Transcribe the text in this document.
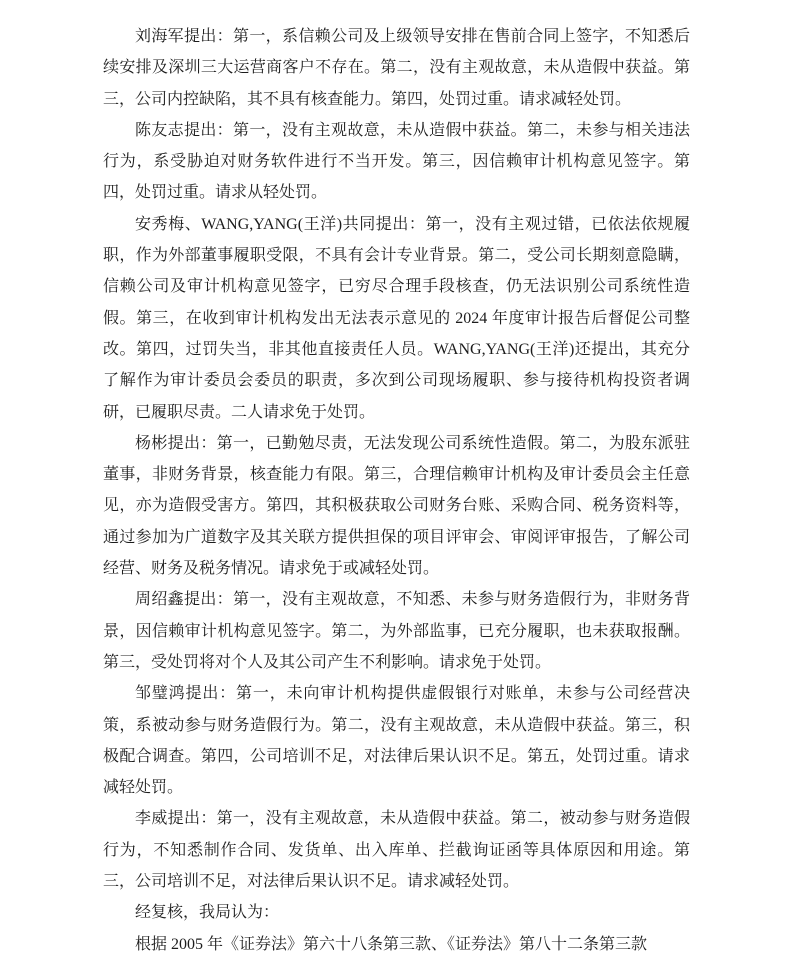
刘海军提出：第一，系信赖公司及上级领导安排在售前合同上签字，不知悉后续安排及深圳三大运营商客户不存在。第二，没有主观故意，未从造假中获益。第三，公司内控缺陷，其不具有核查能力。第四，处罚过重。请求减轻处罚。

陈友志提出：第一，没有主观故意，未从造假中获益。第二，未参与相关违法行为，系受胁迫对财务软件进行不当开发。第三，因信赖审计机构意见签字。第四，处罚过重。请求从轻处罚。

安秀梅、WANG,YANG(王洋)共同提出：第一，没有主观过错，已依法依规履职，作为外部董事履职受限，不具有会计专业背景。第二，受公司长期刻意隐瞒，信赖公司及审计机构意见签字，已穷尽合理手段核查，仍无法识别公司系统性造假。第三，在收到审计机构发出无法表示意见的 2024 年度审计报告后督促公司整改。第四，过罚失当，非其他直接责任人员。WANG,YANG(王洋)还提出，其充分了解作为审计委员会委员的职责，多次到公司现场履职、参与接待机构投资者调研，已履职尽责。二人请求免于处罚。

杨彬提出：第一，已勤勉尽责，无法发现公司系统性造假。第二，为股东派驻董事，非财务背景，核查能力有限。第三，合理信赖审计机构及审计委员会主任意见，亦为造假受害方。第四，其积极获取公司财务台账、采购合同、税务资料等，通过参加为广道数字及其关联方提供担保的项目评审会、审阅评审报告，了解公司经营、财务及税务情况。请求免于或减轻处罚。

周绍鑫提出：第一，没有主观故意，不知悉、未参与财务造假行为，非财务背景，因信赖审计机构意见签字。第二，为外部监事，已充分履职，也未获取报酬。第三，受处罚将对个人及其公司产生不利影响。请求免于处罚。

邹璧鸿提出：第一，未向审计机构提供虚假银行对账单，未参与公司经营决策，系被动参与财务造假行为。第二，没有主观故意，未从造假中获益。第三，积极配合调查。第四，公司培训不足，对法律后果认识不足。第五，处罚过重。请求减轻处罚。

李威提出：第一，没有主观故意，未从造假中获益。第二，被动参与财务造假行为，不知悉制作合同、发货单、出入库单、拦截询证函等具体原因和用途。第三，公司培训不足，对法律后果认识不足。请求减轻处罚。

经复核，我局认为：

根据 2005 年《证券法》第六十八条第三款、《证券法》第八十二条第三款
